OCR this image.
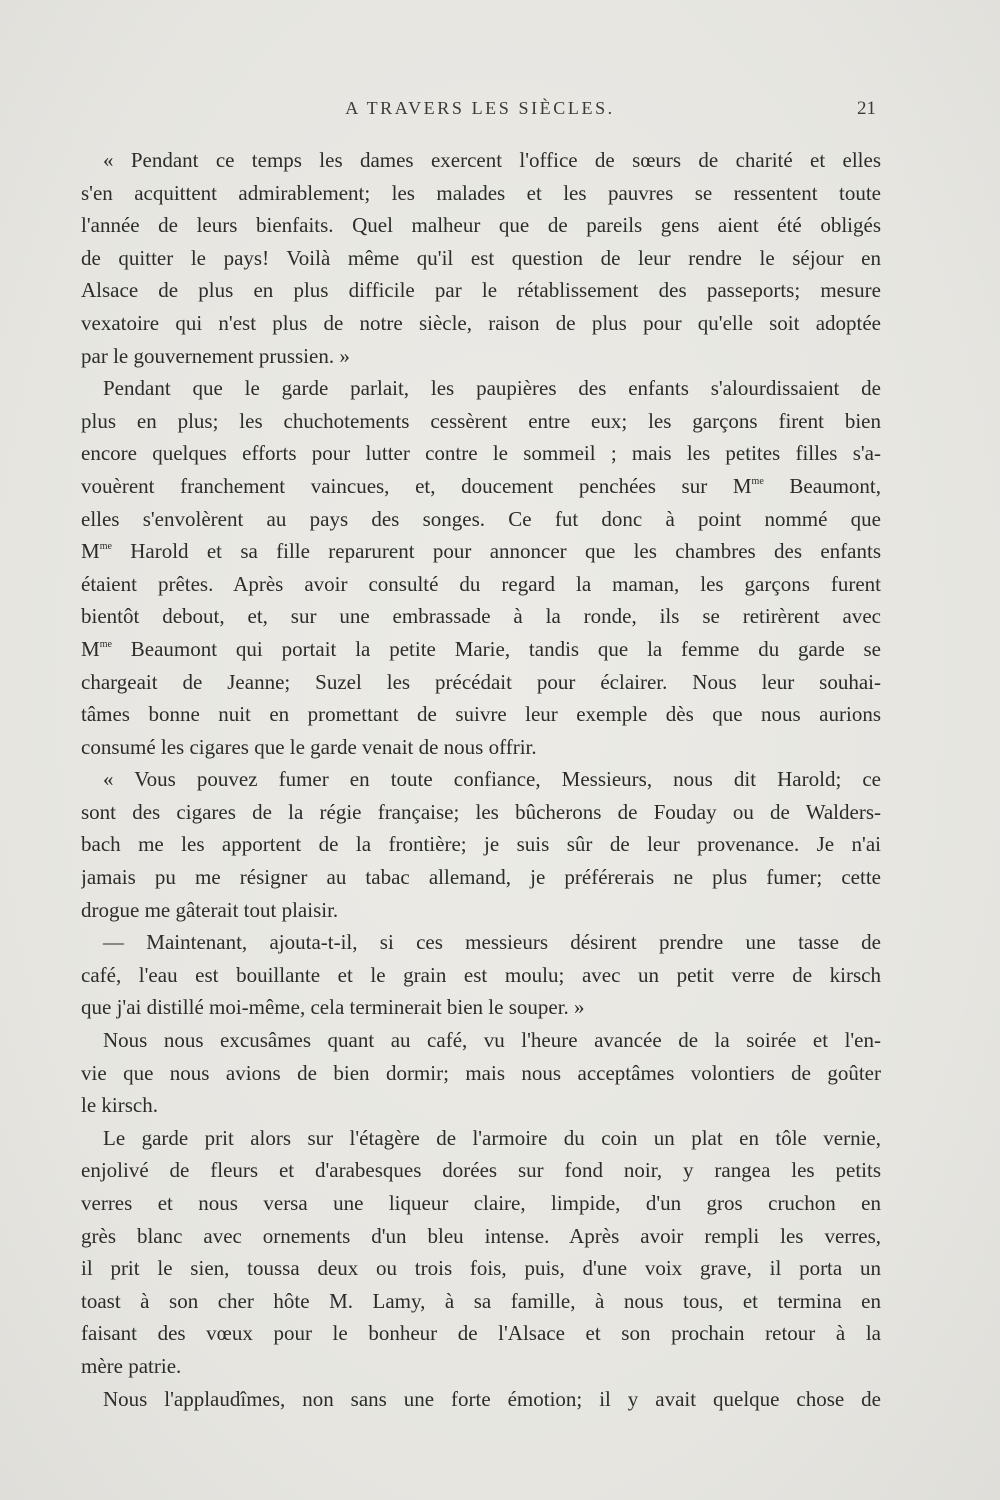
A TRAVERS LES SIÈCLES.	21
« Pendant ce temps les dames exercent l'office de sœurs de charité et elles
s'en acquittent admirablement; les malades et les pauvres se ressentent toute
l'année de leurs bienfaits. Quel malheur que de pareils gens aient été obligés
de quitter le pays! Voilà même qu'il est question de leur rendre le séjour en
Alsace de plus en plus difficile par le rétablissement des passeports; mesure
vexatoire qui n'est plus de notre siècle, raison de plus pour qu'elle soit adoptée
par le gouvernement prussien. »
Pendant que le garde parlait, les paupières des enfants s'alourdissaient de
plus en plus; les chuchotements cessèrent entre eux; les garçons firent bien
encore quelques efforts pour lutter contre le sommeil ; mais les petites filles s'a-
vouèrent franchement vaincues, et, doucement penchées sur $M^{me}$ Beaumont,
elles s'envolèrent au pays des songes. Ce fut donc à point nommé que
$M^{me}$ Harold et sa fille reparurent pour annoncer que les chambres des enfants
étaient prêtes. Après avoir consulté du regard la maman, les garçons furent
bientôt debout, et, sur une embrassade à la ronde, ils se retirèrent avec
$M^{me}$ Beaumont qui portait la petite Marie, tandis que la femme du garde se
chargeait de Jeanne; Suzel les précédait pour éclairer. Nous leur souhai-
tâmes bonne nuit en promettant de suivre leur exemple dès que nous aurions
consumé les cigares que le garde venait de nous offrir.
« Vous pouvez fumer en toute confiance, Messieurs, nous dit Harold; ce
sont des cigares de la régie française; les bûcherons de Fouday ou de Walders-
bach me les apportent de la frontière; je suis sûr de leur provenance. Je n'ai
jamais pu me résigner au tabac allemand, je préférerais ne plus fumer; cette
drogue me gâterait tout plaisir.
— Maintenant, ajouta-t-il, si ces messieurs désirent prendre une tasse de
café, l'eau est bouillante et le grain est moulu; avec un petit verre de kirsch
que j'ai distillé moi-même, cela terminerait bien le souper. »
Nous nous excusâmes quant au café, vu l'heure avancée de la soirée et l'en-
vie que nous avions de bien dormir; mais nous acceptâmes volontiers de goûter
le kirsch.
Le garde prit alors sur l'étagère de l'armoire du coin un plat en tôle vernie,
enjolivé de fleurs et d'arabesques dorées sur fond noir, y rangea les petits
verres et nous versa une liqueur claire, limpide, d'un gros cruchon en
grès blanc avec ornements d'un bleu intense. Après avoir rempli les verres,
il prit le sien, toussa deux ou trois fois, puis, d'une voix grave, il porta un
toast à son cher hôte M. Lamy, à sa famille, à nous tous, et termina en
faisant des vœux pour le bonheur de l'Alsace et son prochain retour à la
mère patrie.
Nous l'applaudîmes, non sans une forte émotion; il y avait quelque chose de
